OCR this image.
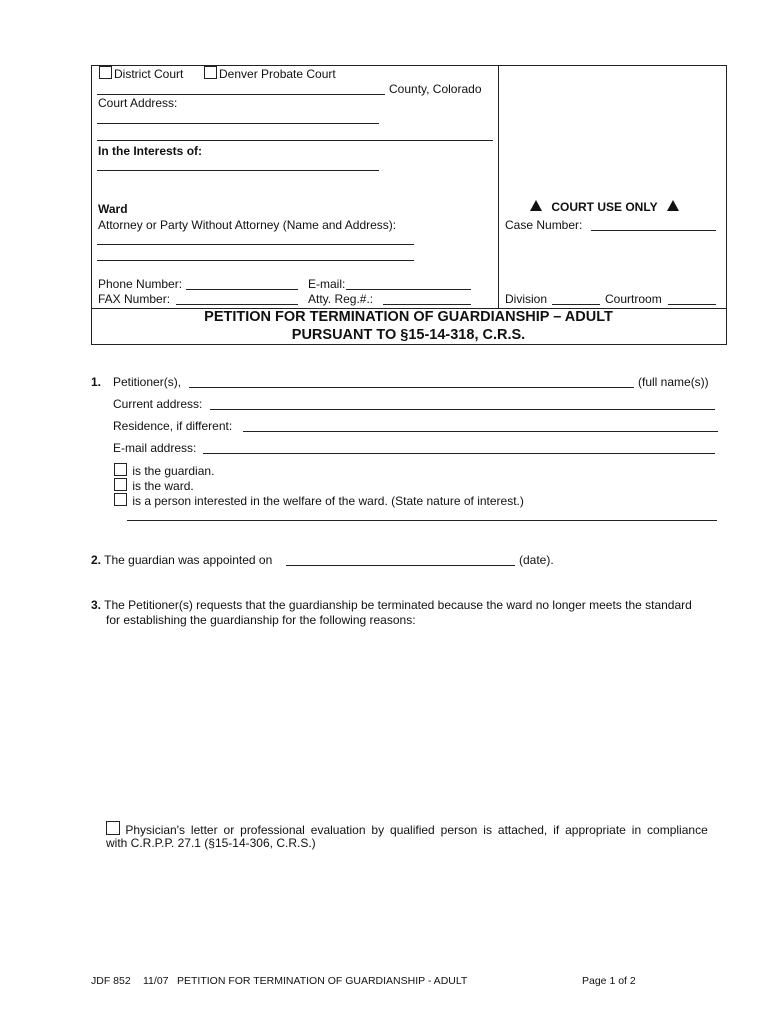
District Court	Denver Probate Court
County, Colorado
Court Address:
In the Interests of:
Ward
Attorney or Party Without Attorney (Name and Address):
Phone Number:	E-mail:
FAX Number:	Atty. Reg.#.:
COURT USE ONLY
Case Number:
Division	Courtroom
PETITION FOR TERMINATION OF GUARDIANSHIP – ADULT
PURSUANT TO §15-14-318, C.R.S.
1. Petitioner(s),	(full name(s))
Current address:
Residence, if different:
E-mail address:
is the guardian.
is the ward.
is a person interested in the welfare of the ward. (State nature of interest.)
2. The guardian was appointed on	(date).
3. The Petitioner(s) requests that the guardianship be terminated because the ward no longer meets the standard
for establishing the guardianship for the following reasons:
Physician's letter or professional evaluation by qualified person is attached, if appropriate in compliance
with C.R.P.P. 27.1 (§15-14-306, C.R.S.)
JDF 852 11/07 PETITION FOR TERMINATION OF GUARDIANSHIP - ADULT	Page 1 of 2
